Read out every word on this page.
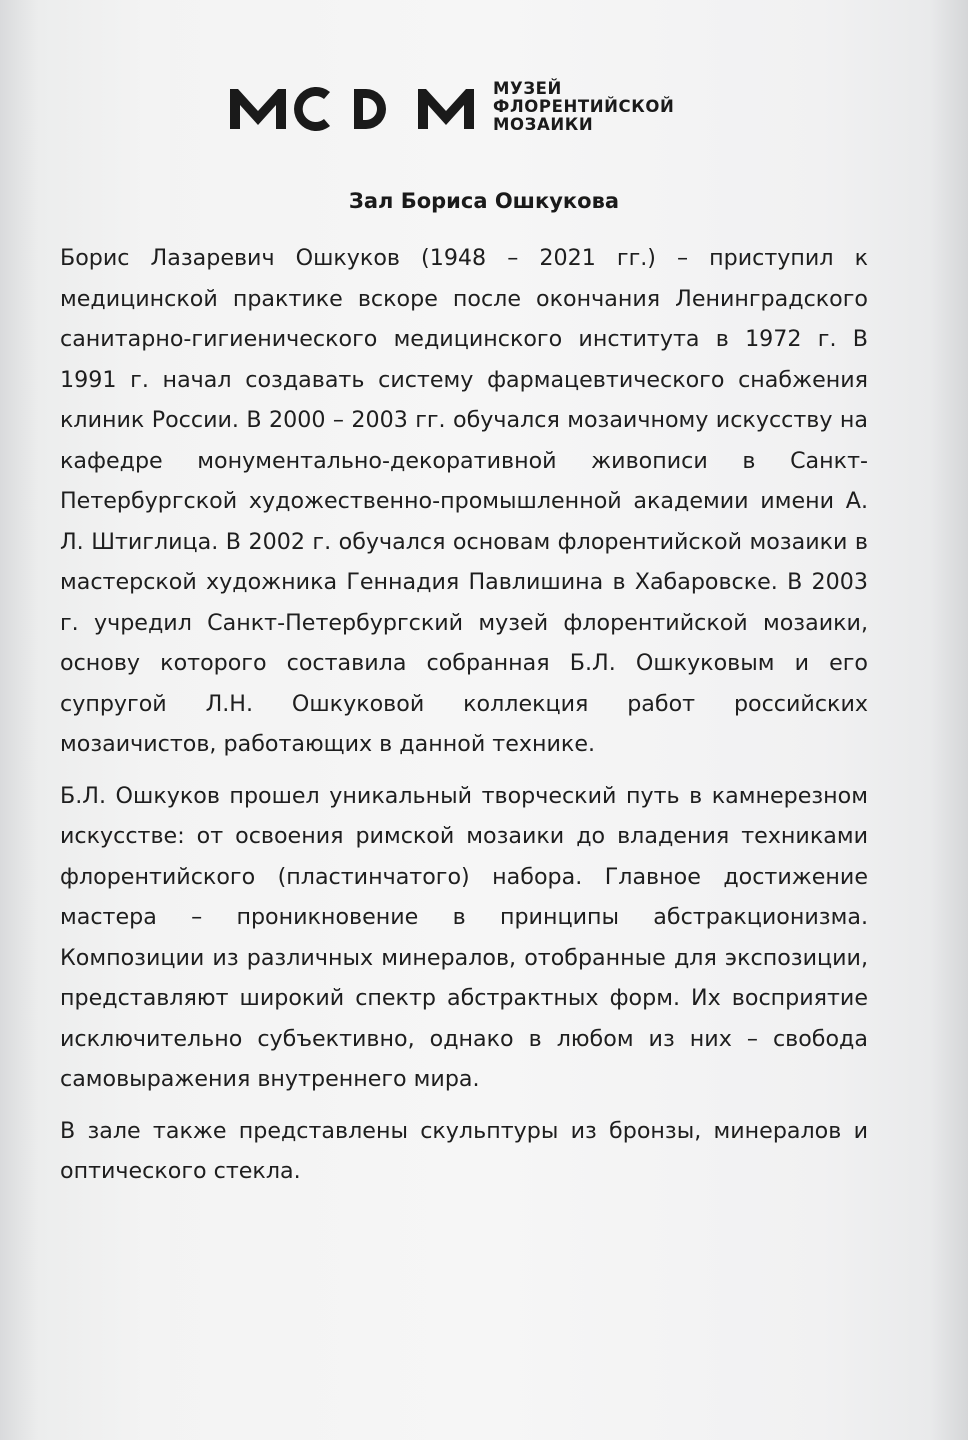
МУЗЕЙ
ФЛОРЕНТИЙСКОЙ
МОЗАИКИ
Зал Бориса Ошкукова

Борис Лазаревич Ошкуков (1948 – 2021 гг.) – приступил к медицинской практике вскоре после окончания Ленинградского санитарно-гигиенического медицинского института в 1972 г. В 1991 г. начал создавать систему фармацевтического снабжения клиник России. В 2000 – 2003 гг. обучался мозаичному искусству на кафедре монументально-декоративной живописи в Санкт-Петербургской художественно-промышленной академии имени А. Л. Штиглица. В 2002 г. обучался основам флорентийской мозаики в мастерской художника Геннадия Павлишина в Хабаровске. В 2003 г. учредил Санкт-Петербургский музей флорентийской мозаики, основу которого составила собранная Б.Л. Ошкуковым и его супругой Л.Н. Ошкуковой коллекция работ российских мозаичистов, работающих в данной технике.

Б.Л. Ошкуков прошел уникальный творческий путь в камнерезном искусстве: от освоения римской мозаики до владения техниками флорентийского (пластинчатого) набора. Главное достижение мастера – проникновение в принципы абстракционизма. Композиции из различных минералов, отобранные для экспозиции, представляют широкий спектр абстрактных форм. Их восприятие исключительно субъективно, однако в любом из них – свобода самовыражения внутреннего мира.

В зале также представлены скульптуры из бронзы, минералов и оптического стекла.
